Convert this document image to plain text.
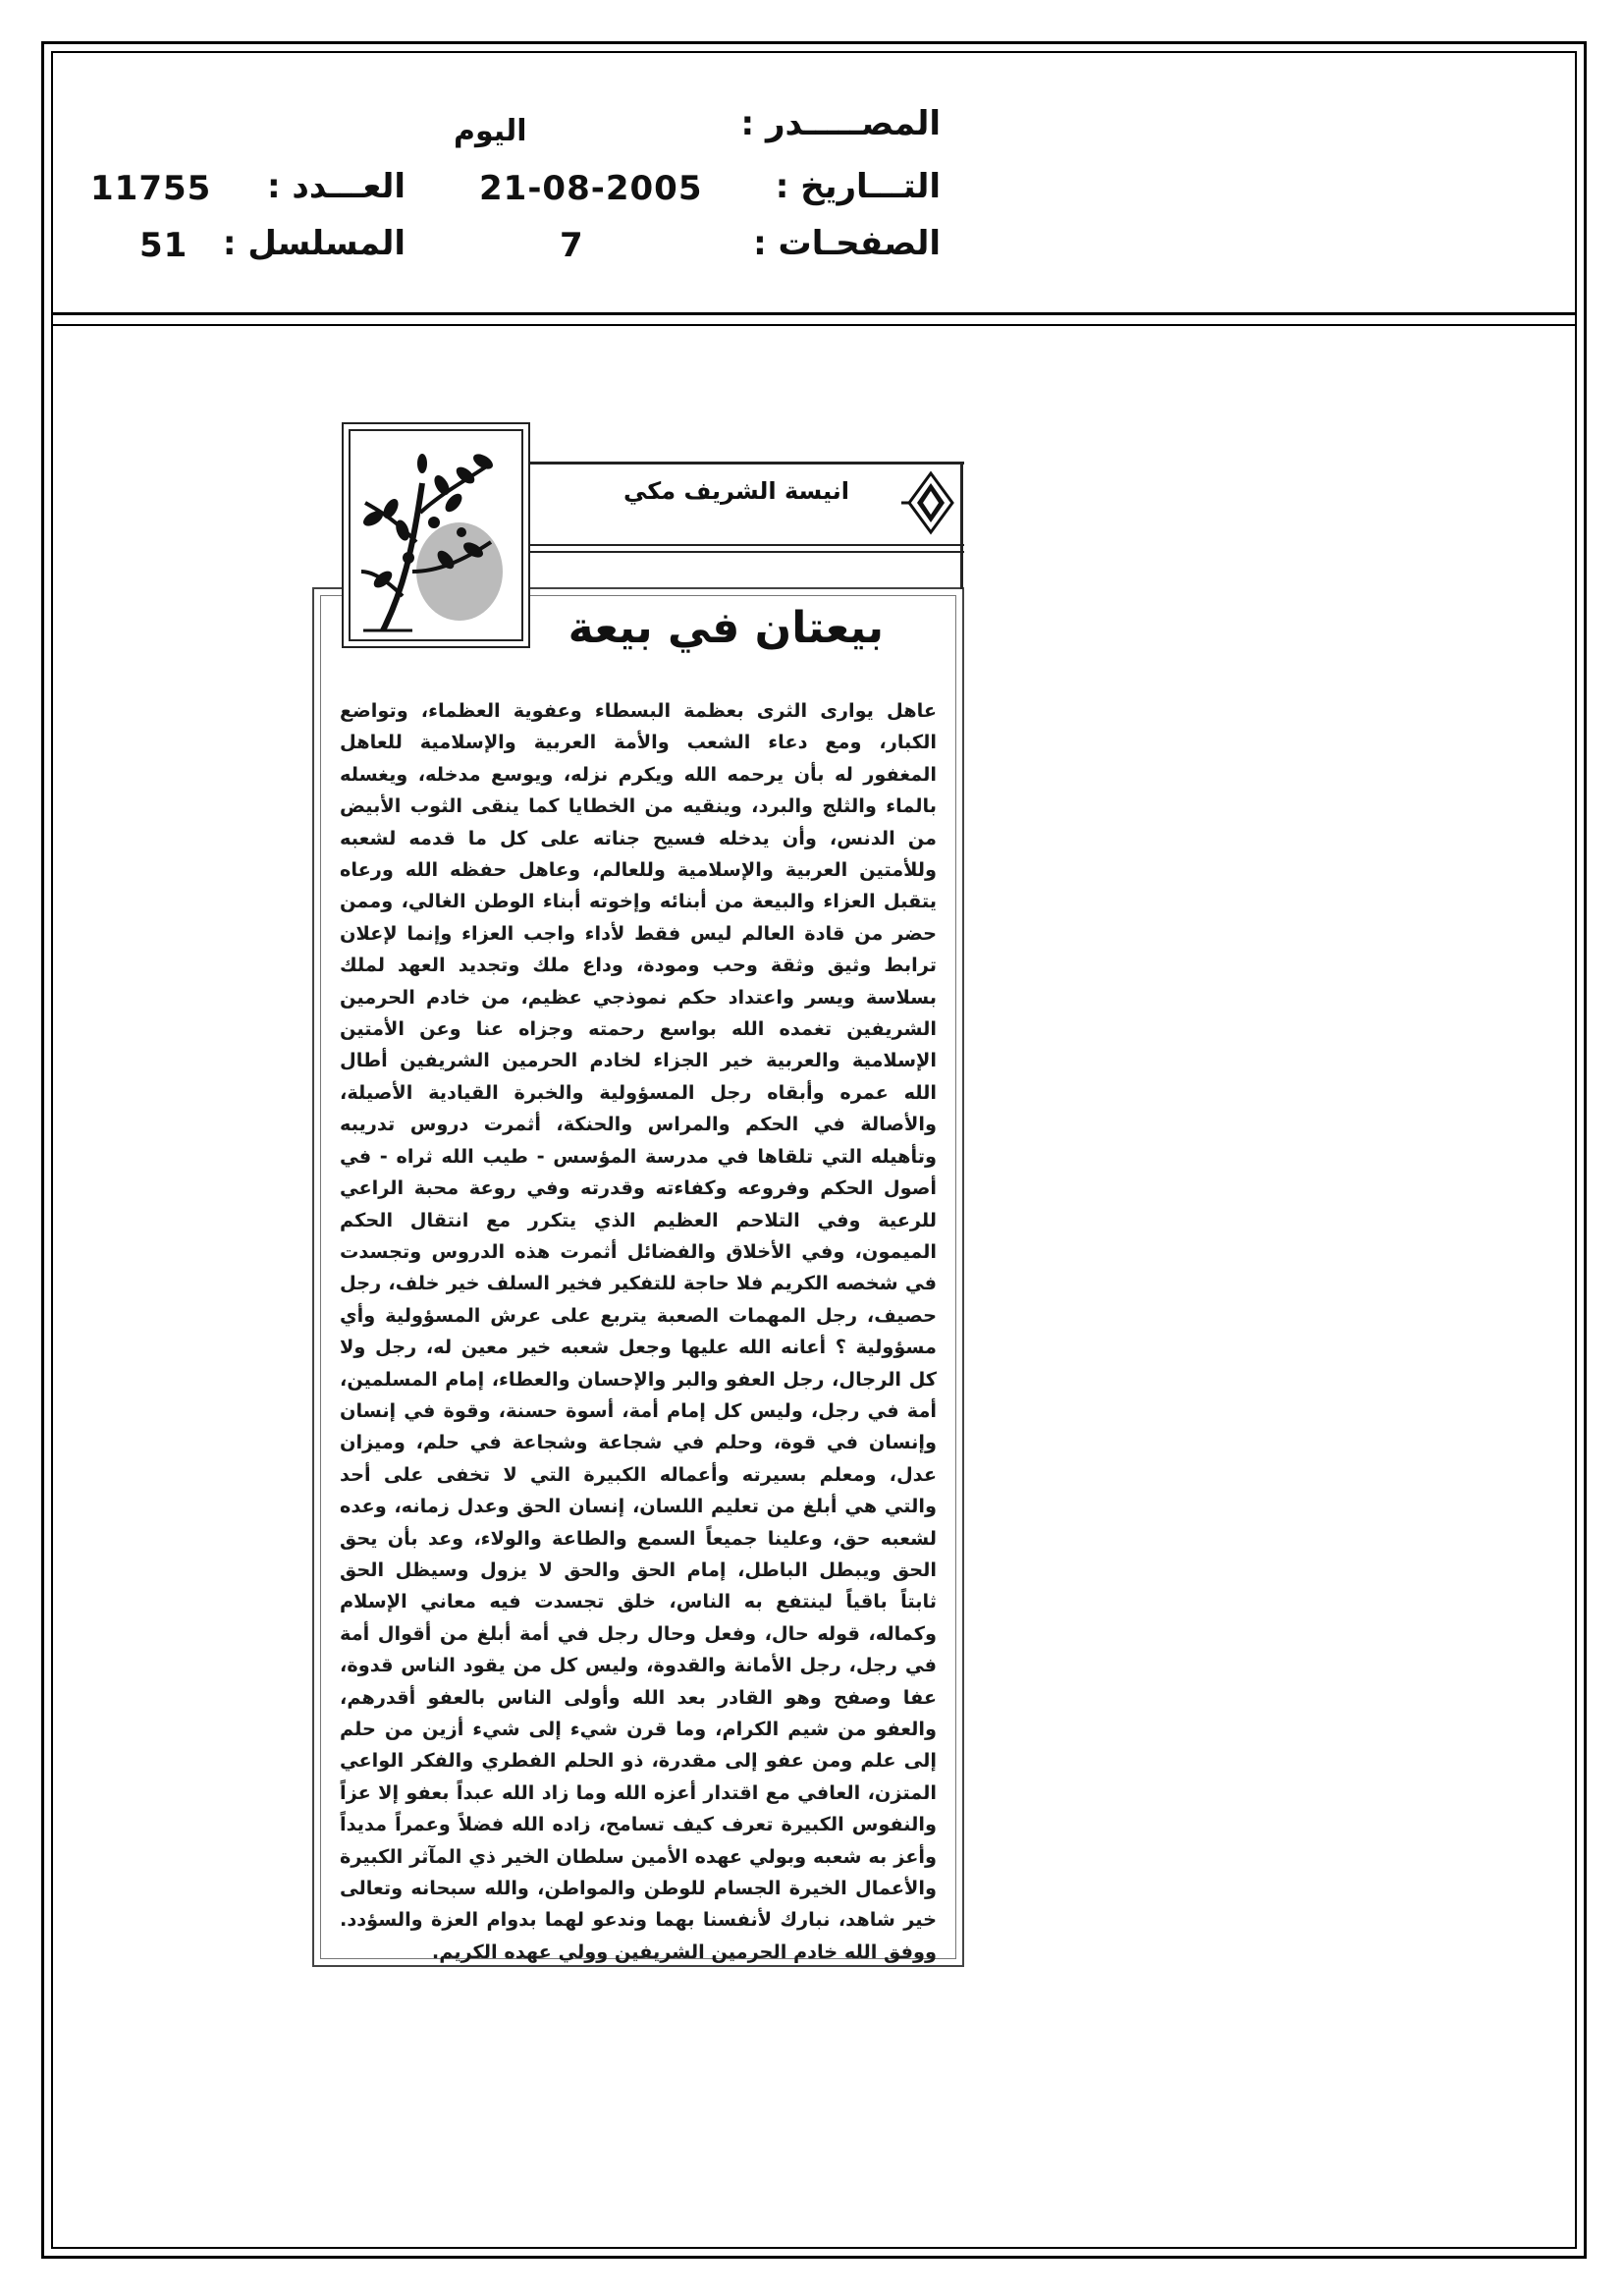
المصـــــدر :
اليوم
التـــاريخ :
21-08-2005
العـــدد :
11755
الصفحـات :
7
المسلسل :
51
انيسة الشريف مكي
بيعتان في بيعة
عاهل يوارى الثرى بعظمة البسطاء وعفوية العظماء، وتواضع الكبار، ومع دعاء الشعب والأمة العربية والإسلامية للعاهل المغفور له بأن يرحمه الله ويكرم نزله، ويوسع مدخله، ويغسله بالماء والثلج والبرد، وينقيه من الخطايا كما ينقى الثوب الأبيض من الدنس، وأن يدخله فسيح جناته على كل ما قدمه لشعبه وللأمتين العربية والإسلامية وللعالم، وعاهل حفظه الله ورعاه يتقبل العزاء والبيعة من أبنائه وإخوته أبناء الوطن الغالي، وممن حضر من قادة العالم ليس فقط لأداء واجب العزاء وإنما لإعلان ترابط وثيق وثقة وحب ومودة، وداع ملك وتجديد العهد لملك بسلاسة ويسر واعتداد حكم نموذجي عظيم، من خادم الحرمين الشريفين تغمده الله بواسع رحمته وجزاه عنا وعن الأمتين الإسلامية والعربية خير الجزاء لخادم الحرمين الشريفين أطال الله عمره وأبقاه رجل المسؤولية والخبرة القيادية الأصيلة، والأصالة في الحكم والمراس والحنكة، أثمرت دروس تدريبه وتأهيله التي تلقاها في مدرسة المؤسس - طيب الله ثراه - في أصول الحكم وفروعه وكفاءته وقدرته وفي روعة محبة الراعي للرعية وفي التلاحم العظيم الذي يتكرر مع انتقال الحكم الميمون، وفي الأخلاق والفضائل أثمرت هذه الدروس وتجسدت في شخصه الكريم فلا حاجة للتفكير فخير السلف خير خلف، رجل حصيف، رجل المهمات الصعبة يتربع على عرش المسؤولية وأي مسؤولية ؟ أعانه الله عليها وجعل شعبه خير معين له، رجل ولا كل الرجال، رجل العفو والبر والإحسان والعطاء، إمام المسلمين، أمة في رجل، وليس كل إمام أمة، أسوة حسنة، وقوة في إنسان وإنسان في قوة، وحلم في شجاعة وشجاعة في حلم، وميزان عدل، ومعلم بسيرته وأعماله الكبيرة التي لا تخفى على أحد والتي هي أبلغ من تعليم اللسان، إنسان الحق وعدل زمانه، وعده لشعبه حق، وعلينا جميعاً السمع والطاعة والولاء، وعد بأن يحق الحق ويبطل الباطل، إمام الحق والحق لا يزول وسيظل الحق ثابتاً باقياً لينتفع به الناس، خلق تجسدت فيه معاني الإسلام وكماله، قوله حال، وفعل وحال رجل في أمة أبلغ من أقوال أمة في رجل، رجل الأمانة والقدوة، وليس كل من يقود الناس قدوة، عفا وصفح وهو القادر بعد الله وأولى الناس بالعفو أقدرهم، والعفو من شيم الكرام، وما قرن شيء إلى شيء أزين من حلم إلى علم ومن عفو إلى مقدرة، ذو الحلم الفطري والفكر الواعي المتزن، العافي مع اقتدار أعزه الله وما زاد الله عبداً بعفو إلا عزاً والنفوس الكبيرة تعرف كيف تسامح، زاده الله فضلاً وعمراً مديداً وأعز به شعبه وبولي عهده الأمين سلطان الخير ذي المآثر الكبيرة والأعمال الخيرة الجسام للوطن والمواطن، والله سبحانه وتعالى خير شاهد، نبارك لأنفسنا بهما وندعو لهما بدوام العزة والسؤدد. ووفق الله خادم الحرمين الشريفين وولي عهده الكريم.
